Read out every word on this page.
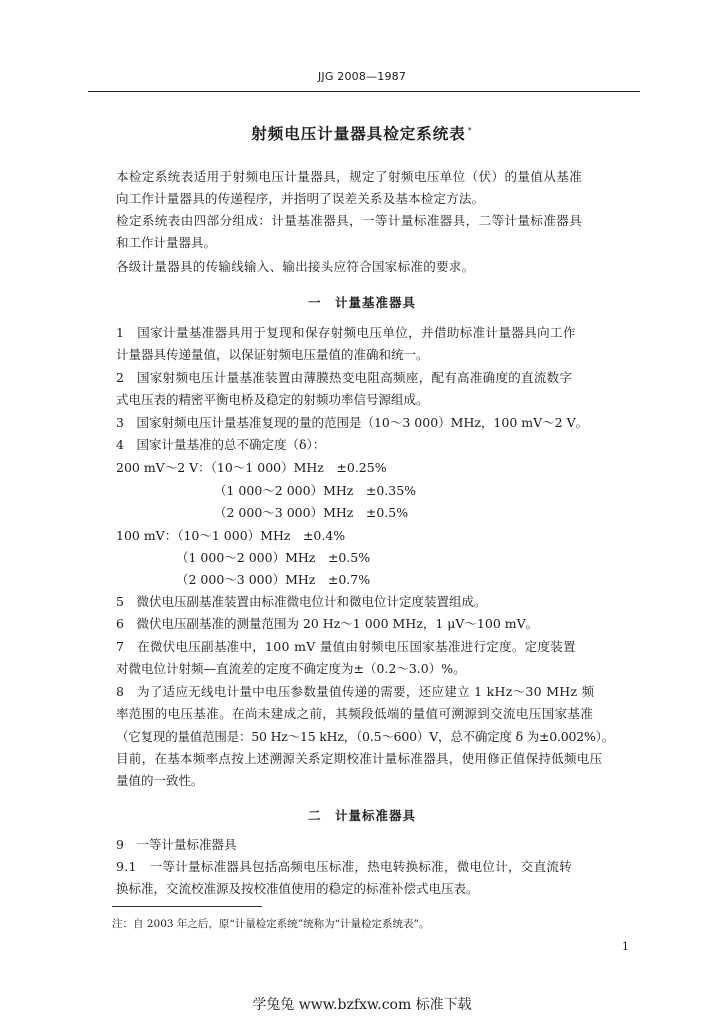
JJG 2008—1987
射频电压计量器具检定系统表 *
本检定系统表适用于射频电压计量器具，规定了射频电压单位（伏）的量值从基准
向工作计量器具的传递程序，并指明了误差关系及基本检定方法。
检定系统表由四部分组成：计量基准器具，一等计量标准器具，二等计量标准器具
和工作计量器具。
各级计量器具的传输线输入、输出接头应符合国家标准的要求。
一　计量基准器具
1　国家计量基准器具用于复现和保存射频电压单位，并借助标准计量器具向工作
计量器具传递量值，以保证射频电压量值的准确和统一。
2　国家射频电压计量基准装置由薄膜热变电阻高频座，配有高准确度的直流数字
式电压表的精密平衡电桥及稳定的射频功率信号源组成。
3　国家射频电压计量基准复现的量的范围是（10～3 000）MHz，100 mV～2 V。
4　国家计量基准的总不确定度（δ）：
200 mV～2 V：（10～1 000）MHz　±0.25%
（1 000～2 000）MHz　±0.35%
（2 000～3 000）MHz　±0.5%
100 mV：（10～1 000）MHz　±0.4%
（1 000～2 000）MHz　±0.5%
（2 000～3 000）MHz　±0.7%
5　微伏电压副基准装置由标准微电位计和微电位计定度装置组成。
6　微伏电压副基准的测量范围为 20 Hz～1 000 MHz，1 μV～100 mV。
7　在微伏电压副基准中，100 mV 量值由射频电压国家基准进行定度。定度装置
对微电位计射频—直流差的定度不确定度为±（0.2～3.0）%。
8　为了适应无线电计量中电压参数量值传递的需要，还应建立 1 kHz～30 MHz 频
率范围的电压基准。在尚未建成之前，其频段低端的量值可溯源到交流电压国家基准
（它复现的量值范围是：50 Hz～15 kHz，（0.5～600）V，总不确定度 δ 为±0.002%）。
目前，在基本频率点按上述溯源关系定期校准计量标准器具，使用修正值保持低频电压
量值的一致性。
二　计量标准器具
9　一等计量标准器具
9.1　一等计量标准器具包括高频电压标准，热电转换标准，微电位计，交直流转
换标准，交流校准源及按校准值使用的稳定的标准补偿式电压表。
注：自 2003 年之后，原“计量检定系统”统称为“计量检定系统表”。
1
学兔兔 www.bzfxw.com 标准下载
